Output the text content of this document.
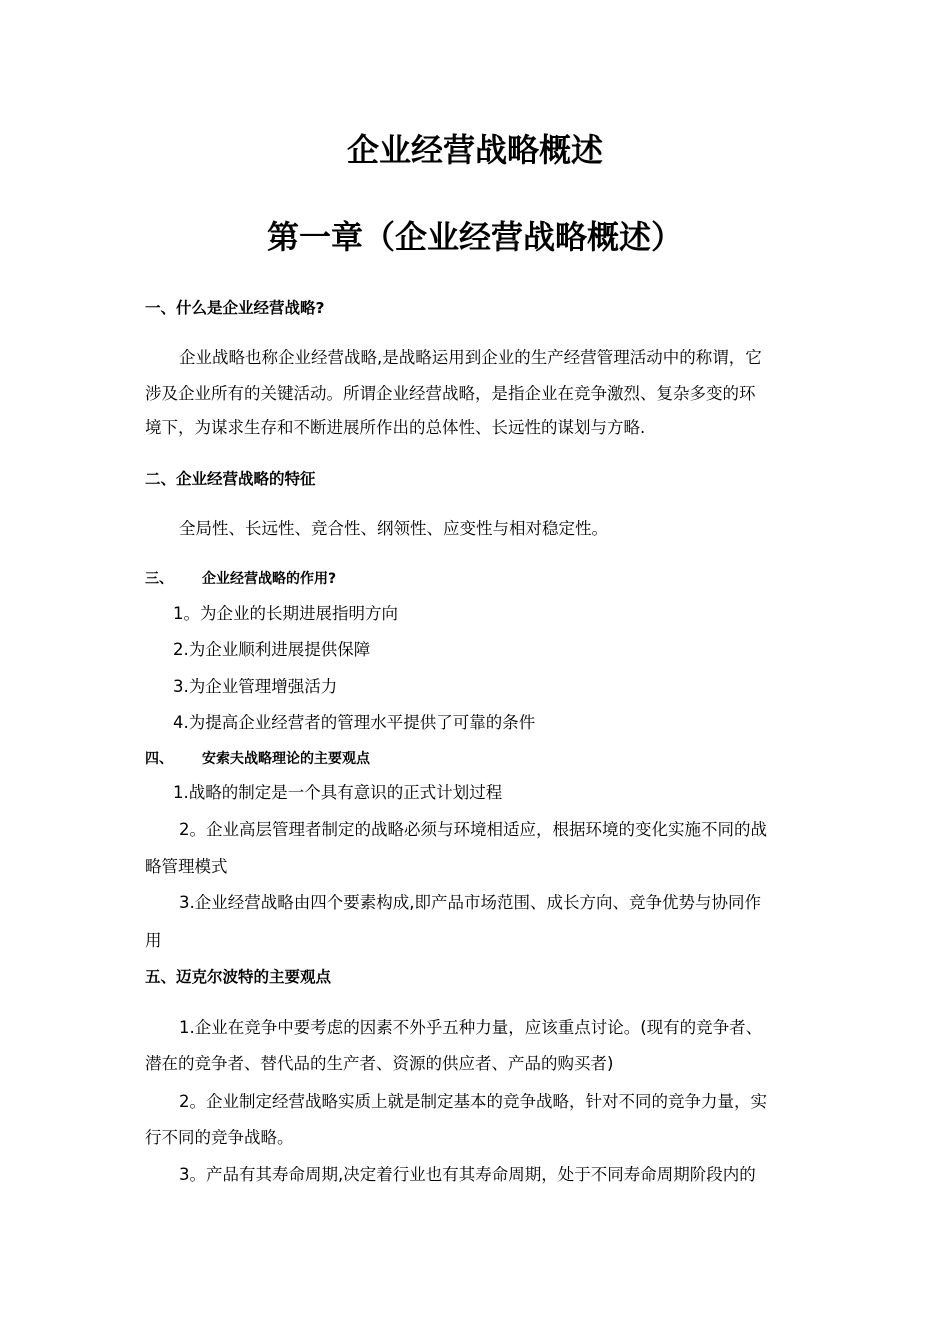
企业经营战略概述
第一章（企业经营战略概述）
一、什么是企业经营战略?
企业战略也称企业经营战略,是战略运用到企业的生产经营管理活动中的称谓，它
涉及企业所有的关键活动。所谓企业经营战略，是指企业在竞争激烈、复杂多变的环
境下，为谋求生存和不断进展所作出的总体性、长远性的谋划与方略.
二、企业经营战略的特征
全局性、长远性、竞合性、纲领性、应变性与相对稳定性。
三、 企业经营战略的作用?
1。为企业的长期进展指明方向
2.为企业顺利进展提供保障
3.为企业管理增强活力
4.为提高企业经营者的管理水平提供了可靠的条件
四、 安索夫战略理论的主要观点
1.战略的制定是一个具有意识的正式计划过程
2。企业高层管理者制定的战略必须与环境相适应，根据环境的变化实施不同的战
略管理模式
3.企业经营战略由四个要素构成,即产品市场范围、成长方向、竞争优势与协同作
用
五、迈克尔波特的主要观点
1.企业在竞争中要考虑的因素不外乎五种力量，应该重点讨论。(现有的竞争者、
潜在的竞争者、替代品的生产者、资源的供应者、产品的购买者)
2。企业制定经营战略实质上就是制定基本的竞争战略，针对不同的竞争力量，实
行不同的竞争战略。
3。产品有其寿命周期,决定着行业也有其寿命周期，处于不同寿命周期阶段内的
